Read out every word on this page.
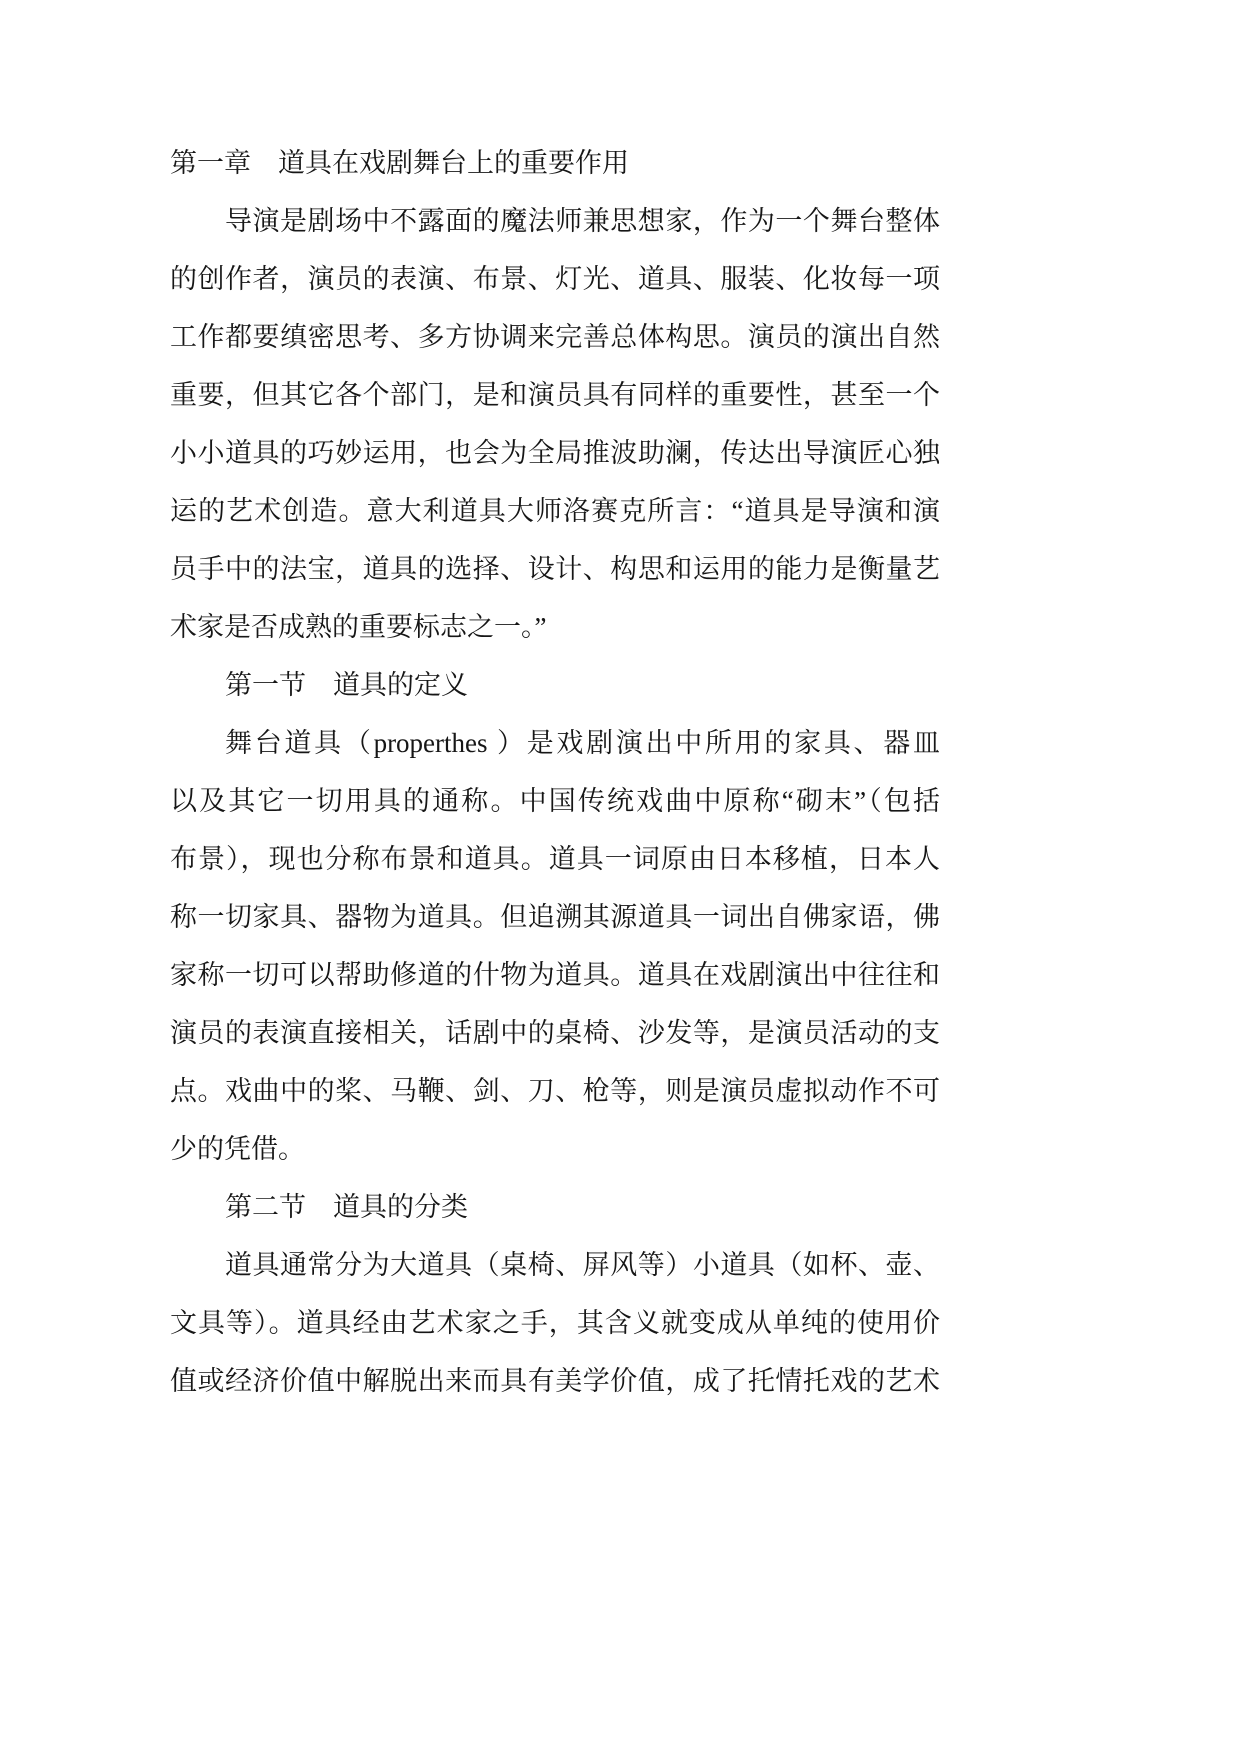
第一章　道具在戏剧舞台上的重要作用
导演是剧场中不露面的魔法师兼思想家，作为一个舞台整体
的创作者，演员的表演、布景、灯光、道具、服装、化妆每一项
工作都要缜密思考、多方协调来完善总体构思。演员的演出自然
重要，但其它各个部门，是和演员具有同样的重要性，甚至一个
小小道具的巧妙运用，也会为全局推波助澜，传达出导演匠心独
运的艺术创造。意大利道具大师洛赛克所言：“道具是导演和演
员手中的法宝，道具的选择、设计、构思和运用的能力是衡量艺
术家是否成熟的重要标志之一。”
第一节　道具的定义
舞台道具（properthes ）是戏剧演出中所用的家具、器皿
以及其它一切用具的通称。中国传统戏曲中原称“砌末”（包括
布景），现也分称布景和道具。道具一词原由日本移植，日本人
称一切家具、器物为道具。但追溯其源道具一词出自佛家语，佛
家称一切可以帮助修道的什物为道具。道具在戏剧演出中往往和
演员的表演直接相关，话剧中的桌椅、沙发等，是演员活动的支
点。戏曲中的桨、马鞭、剑、刀、枪等，则是演员虚拟动作不可
少的凭借。
第二节　道具的分类
道具通常分为大道具（桌椅、屏风等）小道具（如杯、壶、
文具等）。道具经由艺术家之手，其含义就变成从单纯的使用价
值或经济价值中解脱出来而具有美学价值，成了托情托戏的艺术
